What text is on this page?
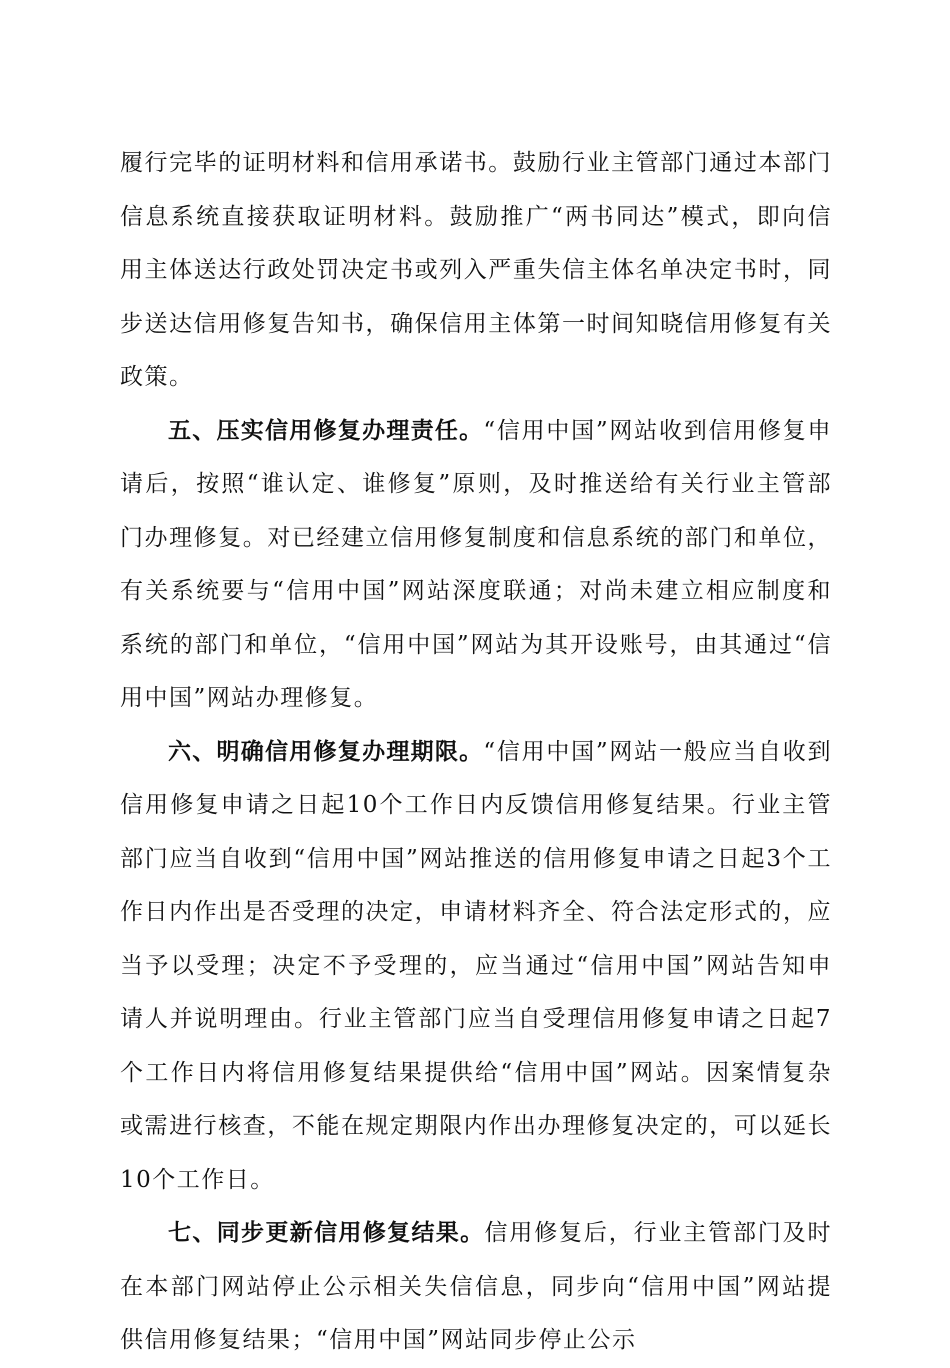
履行完毕的证明材料和信用承诺书。鼓励行业主管部门通过本部门信息系统直接获取证明材料。鼓励推广“两书同达”模式，即向信用主体送达行政处罚决定书或列入严重失信主体名单决定书时，同步送达信用修复告知书，确保信用主体第一时间知晓信用修复有关政策。

五、压实信用修复办理责任。“信用中国”网站收到信用修复申请后，按照“谁认定、谁修复”原则，及时推送给有关行业主管部门办理修复。对已经建立信用修复制度和信息系统的部门和单位，有关系统要与“信用中国”网站深度联通；对尚未建立相应制度和系统的部门和单位，“信用中国”网站为其开设账号，由其通过“信用中国”网站办理修复。

六、明确信用修复办理期限。“信用中国”网站一般应当自收到信用修复申请之日起10个工作日内反馈信用修复结果。行业主管部门应当自收到“信用中国”网站推送的信用修复申请之日起3个工作日内作出是否受理的决定，申请材料齐全、符合法定形式的，应当予以受理；决定不予受理的，应当通过“信用中国”网站告知申请人并说明理由。行业主管部门应当自受理信用修复申请之日起7个工作日内将信用修复结果提供给“信用中国”网站。因案情复杂或需进行核查，不能在规定期限内作出办理修复决定的，可以延长10个工作日。

七、同步更新信用修复结果。信用修复后，行业主管部门及时在本部门网站停止公示相关失信信息，同步向“信用中国”网站提供信用修复结果；“信用中国”网站同步停止公示
